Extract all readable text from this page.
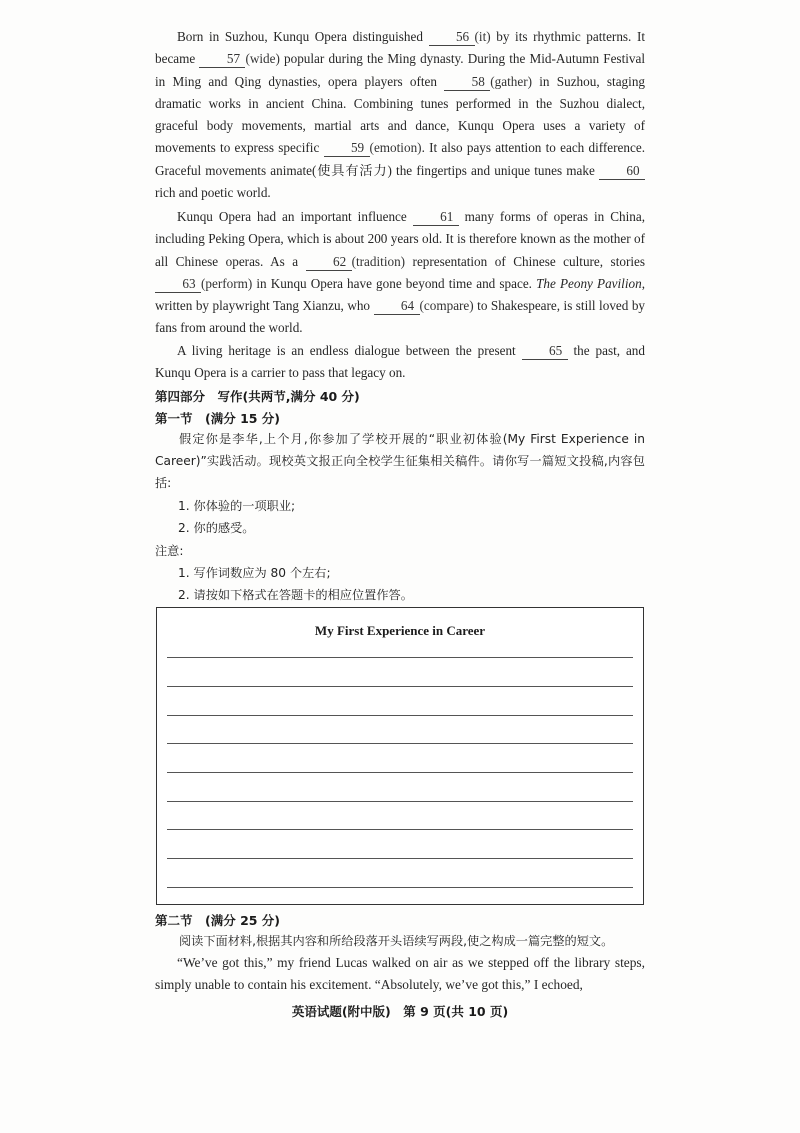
Born in Suzhou, Kunqu Opera distinguished 56 (it) by its rhythmic patterns. It became 57 (wide) popular during the Ming dynasty. During the Mid-Autumn Festival in Ming and Qing dynasties, opera players often 58 (gather) in Suzhou, staging dramatic works in ancient China. Combining tunes performed in the Suzhou dialect, graceful body movements, martial arts and dance, Kunqu Opera uses a variety of movements to express specific 59 (emotion). It also pays attention to each difference. Graceful movements animate(使具有活力) the fingertips and unique tunes make 60 rich and poetic world.
Kunqu Opera had an important influence 61 many forms of operas in China, including Peking Opera, which is about 200 years old. It is therefore known as the mother of all Chinese operas. As a 62 (tradition) representation of Chinese culture, stories 63 (perform) in Kunqu Opera have gone beyond time and space. The Peony Pavilion, written by playwright Tang Xianzu, who 64 (compare) to Shakespeare, is still loved by fans from around the world.
A living heritage is an endless dialogue between the present 65 the past, and Kunqu Opera is a carrier to pass that legacy on.
第四部分　写作(共两节,满分 40 分)
第一节　(满分 15 分)
假定你是李华,上个月,你参加了学校开展的“职业初体验(My First Experience in Career)”实践活动。现校英文报正向全校学生征集相关稿件。请你写一篇短文投稿,内容包括:
1. 你体验的一项职业;
2. 你的感受。
注意:
1. 写作词数应为 80 个左右;
2. 请按如下格式在答题卡的相应位置作答。
My First Experience in Career
第二节　(满分 25 分)
阅读下面材料,根据其内容和所给段落开头语续写两段,使之构成一篇完整的短文。
“We’ve got this,” my friend Lucas walked on air as we stepped off the library steps, simply unable to contain his excitement. “Absolutely, we’ve got this,” I echoed,
英语试题(附中版)　第 9 页(共 10 页)
